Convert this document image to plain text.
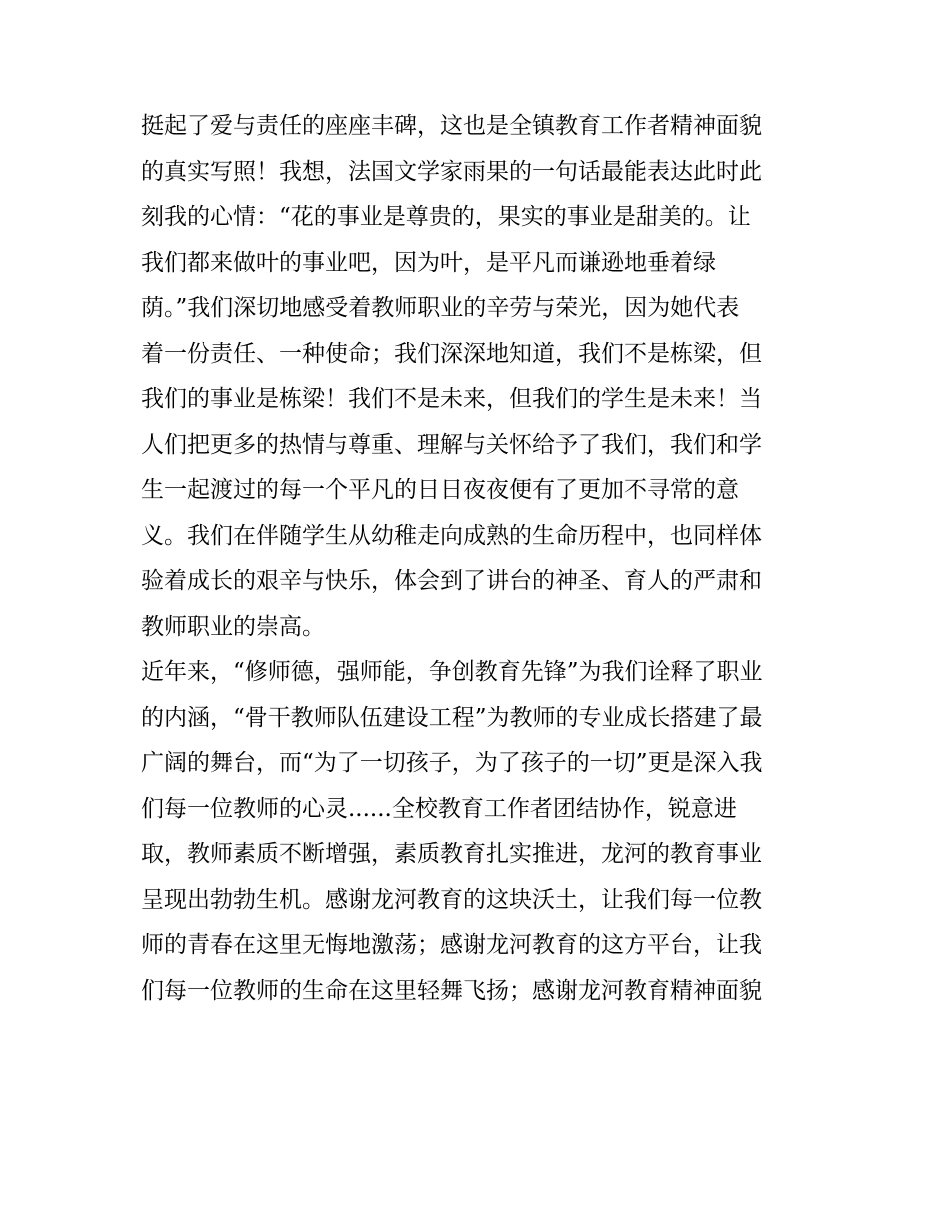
挺起了爱与责任的座座丰碑，这也是全镇教育工作者精神面貌
的真实写照！我想，法国文学家雨果的一句话最能表达此时此
刻我的心情：“花的事业是尊贵的，果实的事业是甜美的。让
我们都来做叶的事业吧，因为叶，是平凡而谦逊地垂着绿
荫。”我们深切地感受着教师职业的辛劳与荣光，因为她代表
着一份责任、一种使命；我们深深地知道，我们不是栋梁，但
我们的事业是栋梁！我们不是未来，但我们的学生是未来！当
人们把更多的热情与尊重、理解与关怀给予了我们，我们和学
生一起渡过的每一个平凡的日日夜夜便有了更加不寻常的意
义。我们在伴随学生从幼稚走向成熟的生命历程中，也同样体
验着成长的艰辛与快乐，体会到了讲台的神圣、育人的严肃和
教师职业的崇高。
近年来，“修师德，强师能，争创教育先锋”为我们诠释了职业
的内涵，“骨干教师队伍建设工程”为教师的专业成长搭建了最
广阔的舞台，而“为了一切孩子，为了孩子的一切”更是深入我
们每一位教师的心灵......全校教育工作者团结协作，锐意进
取，教师素质不断增强，素质教育扎实推进，龙河的教育事业
呈现出勃勃生机。感谢龙河教育的这块沃土，让我们每一位教
师的青春在这里无悔地激荡；感谢龙河教育的这方平台，让我
们每一位教师的生命在这里轻舞飞扬；感谢龙河教育精神面貌
